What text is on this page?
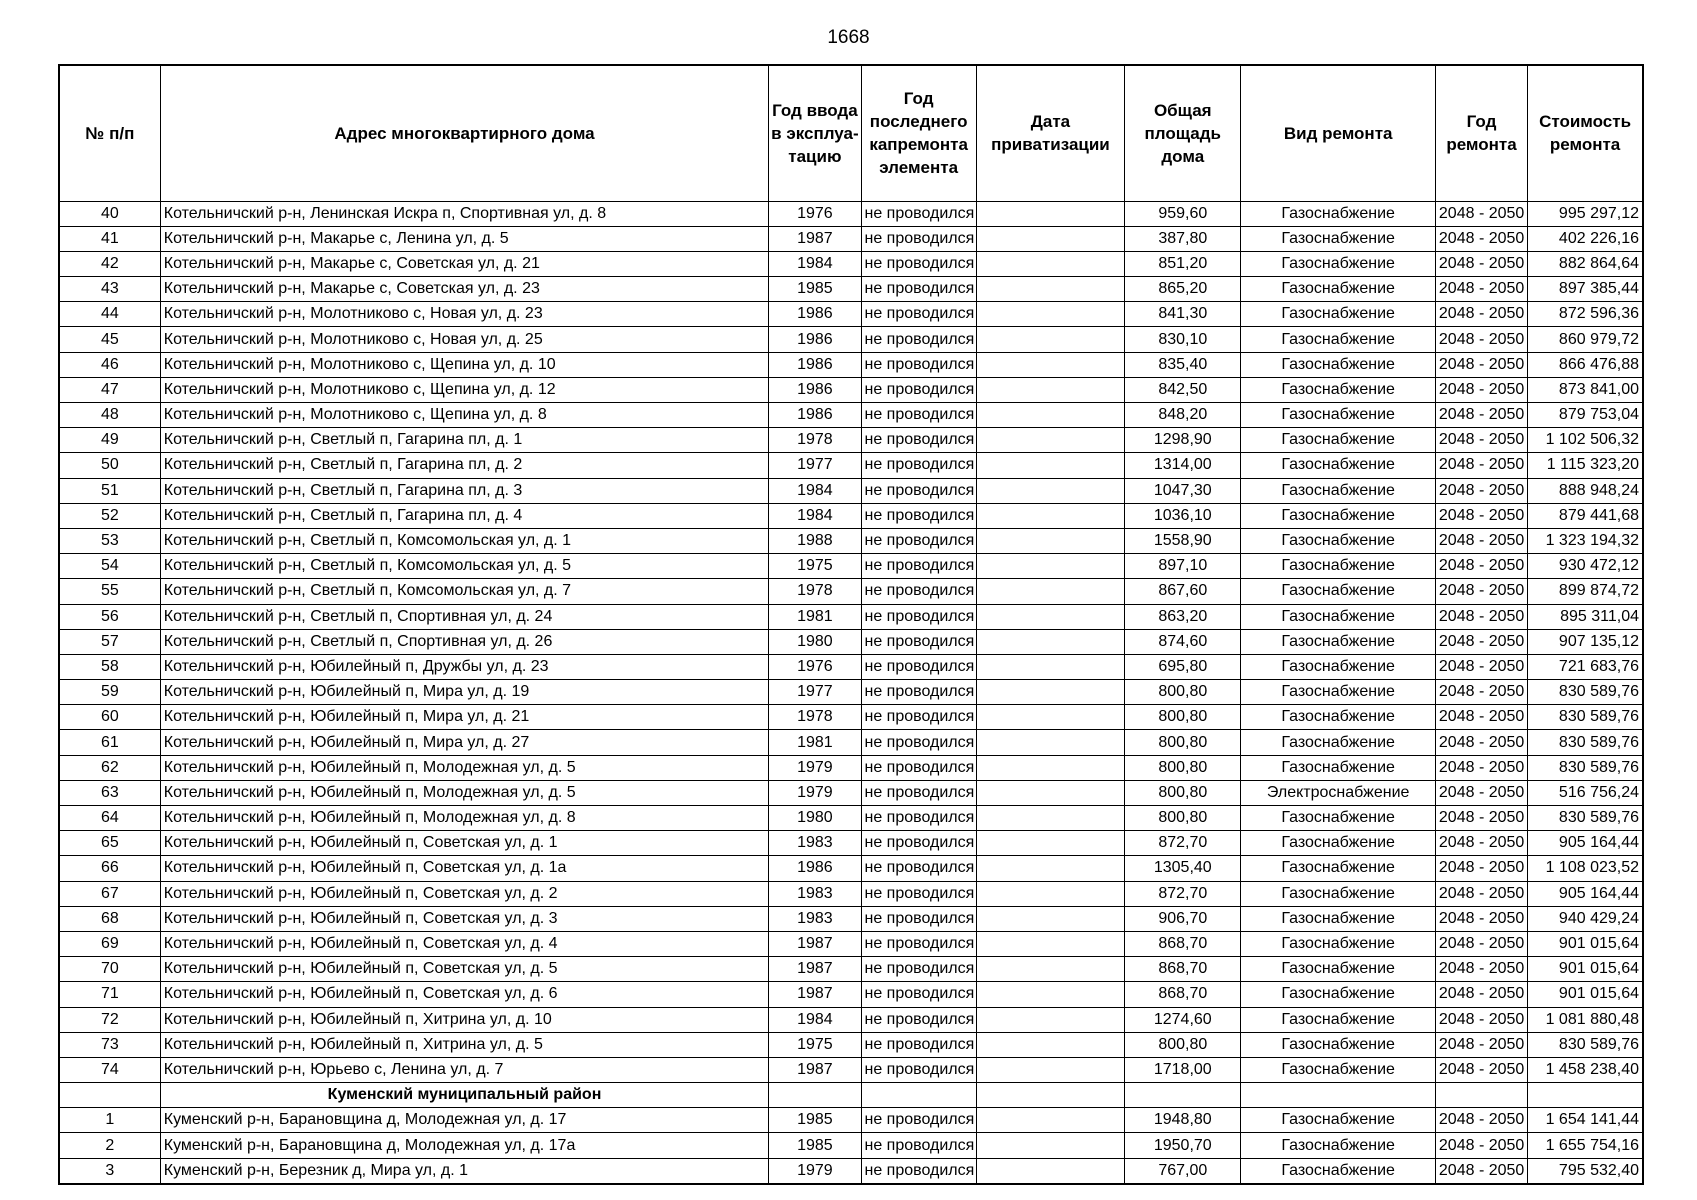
1668
№ п/п	Адрес многоквартирного дома	Год ввода в эксплуа-тацию	Год последнего капремонта элемента	Дата приватизации	Общая площадь дома	Вид ремонта	Год ремонта	Стоимость ремонта
40	Котельничский р-н, Ленинская Искра п, Спортивная ул, д. 8	1976	не проводился		959,60	Газоснабжение	2048 - 2050	995 297,12
41	Котельничский р-н, Макарье с, Ленина ул, д. 5	1987	не проводился		387,80	Газоснабжение	2048 - 2050	402 226,16
42	Котельничский р-н, Макарье с, Советская ул, д. 21	1984	не проводился		851,20	Газоснабжение	2048 - 2050	882 864,64
43	Котельничский р-н, Макарье с, Советская ул, д. 23	1985	не проводился		865,20	Газоснабжение	2048 - 2050	897 385,44
44	Котельничский р-н, Молотниково с, Новая ул, д. 23	1986	не проводился		841,30	Газоснабжение	2048 - 2050	872 596,36
45	Котельничский р-н, Молотниково с, Новая ул, д. 25	1986	не проводился		830,10	Газоснабжение	2048 - 2050	860 979,72
46	Котельничский р-н, Молотниково с, Щепина ул, д. 10	1986	не проводился		835,40	Газоснабжение	2048 - 2050	866 476,88
47	Котельничский р-н, Молотниково с, Щепина ул, д. 12	1986	не проводился		842,50	Газоснабжение	2048 - 2050	873 841,00
48	Котельничский р-н, Молотниково с, Щепина ул, д. 8	1986	не проводился		848,20	Газоснабжение	2048 - 2050	879 753,04
49	Котельничский р-н, Светлый п, Гагарина пл, д. 1	1978	не проводился		1298,90	Газоснабжение	2048 - 2050	1 102 506,32
50	Котельничский р-н, Светлый п, Гагарина пл, д. 2	1977	не проводился		1314,00	Газоснабжение	2048 - 2050	1 115 323,20
51	Котельничский р-н, Светлый п, Гагарина пл, д. 3	1984	не проводился		1047,30	Газоснабжение	2048 - 2050	888 948,24
52	Котельничский р-н, Светлый п, Гагарина пл, д. 4	1984	не проводился		1036,10	Газоснабжение	2048 - 2050	879 441,68
53	Котельничский р-н, Светлый п, Комсомольская ул, д. 1	1988	не проводился		1558,90	Газоснабжение	2048 - 2050	1 323 194,32
54	Котельничский р-н, Светлый п, Комсомольская ул, д. 5	1975	не проводился		897,10	Газоснабжение	2048 - 2050	930 472,12
55	Котельничский р-н, Светлый п, Комсомольская ул, д. 7	1978	не проводился		867,60	Газоснабжение	2048 - 2050	899 874,72
56	Котельничский р-н, Светлый п, Спортивная ул, д. 24	1981	не проводился		863,20	Газоснабжение	2048 - 2050	895 311,04
57	Котельничский р-н, Светлый п, Спортивная ул, д. 26	1980	не проводился		874,60	Газоснабжение	2048 - 2050	907 135,12
58	Котельничский р-н, Юбилейный п, Дружбы ул, д. 23	1976	не проводился		695,80	Газоснабжение	2048 - 2050	721 683,76
59	Котельничский р-н, Юбилейный п, Мира ул, д. 19	1977	не проводился		800,80	Газоснабжение	2048 - 2050	830 589,76
60	Котельничский р-н, Юбилейный п, Мира ул, д. 21	1978	не проводился		800,80	Газоснабжение	2048 - 2050	830 589,76
61	Котельничский р-н, Юбилейный п, Мира ул, д. 27	1981	не проводился		800,80	Газоснабжение	2048 - 2050	830 589,76
62	Котельничский р-н, Юбилейный п, Молодежная ул, д. 5	1979	не проводился		800,80	Газоснабжение	2048 - 2050	830 589,76
63	Котельничский р-н, Юбилейный п, Молодежная ул, д. 5	1979	не проводился		800,80	Электроснабжение	2048 - 2050	516 756,24
64	Котельничский р-н, Юбилейный п, Молодежная ул, д. 8	1980	не проводился		800,80	Газоснабжение	2048 - 2050	830 589,76
65	Котельничский р-н, Юбилейный п, Советская ул, д. 1	1983	не проводился		872,70	Газоснабжение	2048 - 2050	905 164,44
66	Котельничский р-н, Юбилейный п, Советская ул, д. 1а	1986	не проводился		1305,40	Газоснабжение	2048 - 2050	1 108 023,52
67	Котельничский р-н, Юбилейный п, Советская ул, д. 2	1983	не проводился		872,70	Газоснабжение	2048 - 2050	905 164,44
68	Котельничский р-н, Юбилейный п, Советская ул, д. 3	1983	не проводился		906,70	Газоснабжение	2048 - 2050	940 429,24
69	Котельничский р-н, Юбилейный п, Советская ул, д. 4	1987	не проводился		868,70	Газоснабжение	2048 - 2050	901 015,64
70	Котельничский р-н, Юбилейный п, Советская ул, д. 5	1987	не проводился		868,70	Газоснабжение	2048 - 2050	901 015,64
71	Котельничский р-н, Юбилейный п, Советская ул, д. 6	1987	не проводился		868,70	Газоснабжение	2048 - 2050	901 015,64
72	Котельничский р-н, Юбилейный п, Хитрина ул, д. 10	1984	не проводился		1274,60	Газоснабжение	2048 - 2050	1 081 880,48
73	Котельничский р-н, Юбилейный п, Хитрина ул, д. 5	1975	не проводился		800,80	Газоснабжение	2048 - 2050	830 589,76
74	Котельничский р-н, Юрьево с, Ленина ул, д. 7	1987	не проводился		1718,00	Газоснабжение	2048 - 2050	1 458 238,40
	Куменский муниципальный район							
1	Куменский р-н, Барановщина д, Молодежная ул, д. 17	1985	не проводился		1948,80	Газоснабжение	2048 - 2050	1 654 141,44
2	Куменский р-н, Барановщина д, Молодежная ул, д. 17а	1985	не проводился		1950,70	Газоснабжение	2048 - 2050	1 655 754,16
3	Куменский р-н, Березник д, Мира ул, д. 1	1979	не проводился		767,00	Газоснабжение	2048 - 2050	795 532,40
